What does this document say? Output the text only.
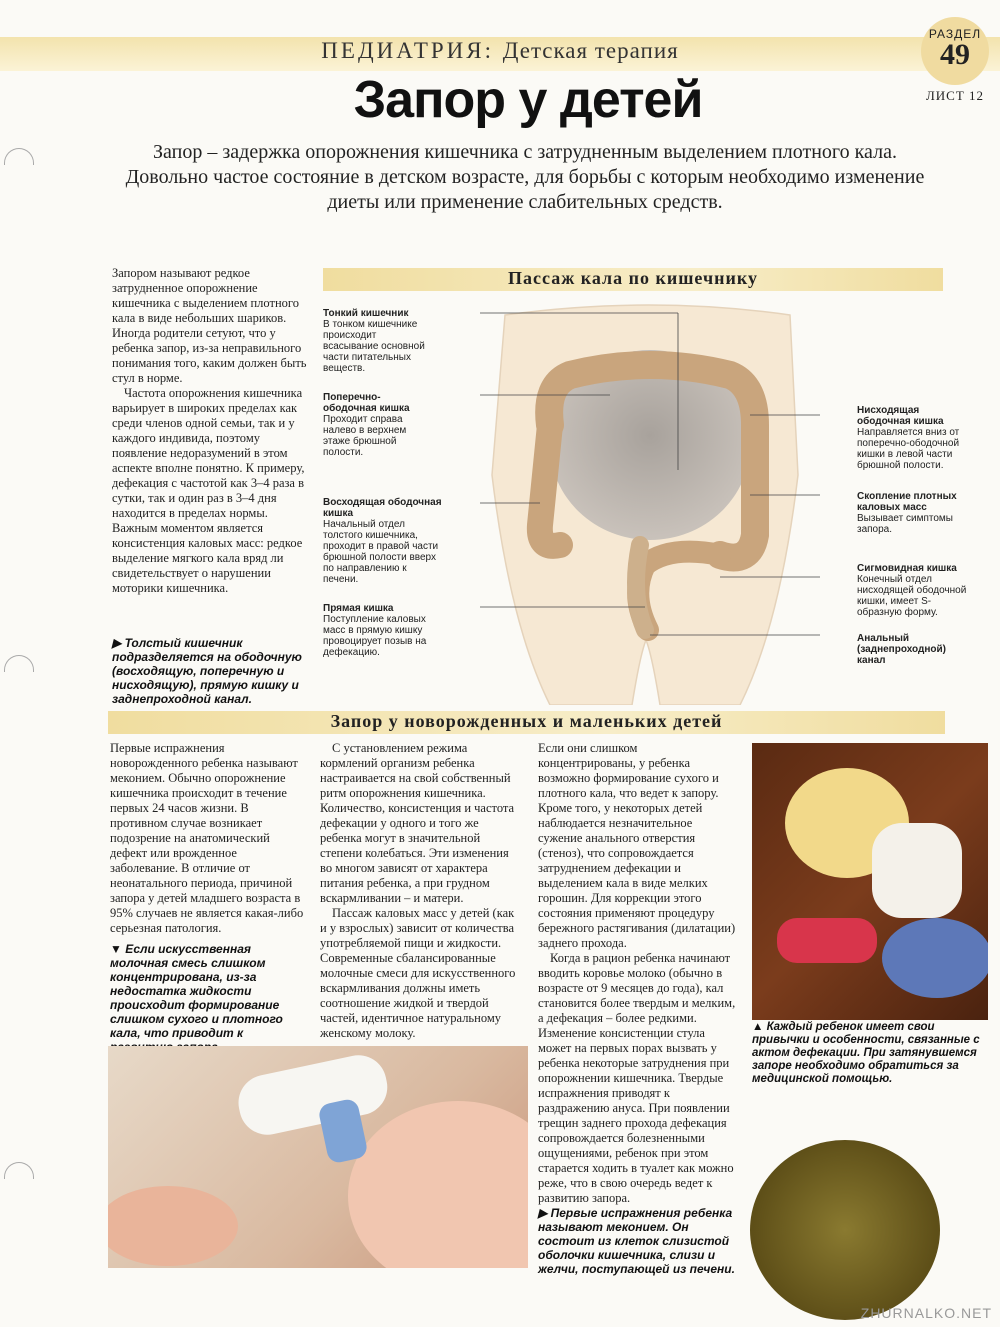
ПЕДИАТРИЯ: Детская терапия
РАЗДЕЛ
49
ЛИСТ 12
Запор у детей
Запор – задержка опорожнения кишечника с затрудненным выделением плотного кала. Довольно частое состояние в детском возрасте, для борьбы с которым необходимо изменение диеты или применение слабительных средств.

Запором называют редкое затрудненное опорожнение кишечника с выделением плотного кала в виде небольших шариков. Иногда родители сетуют, что у ребенка запор, из-за неправильного понимания того, каким должен быть стул в норме.

Частота опорожнения кишечника варьирует в широких пределах как среди членов одной семьи, так и у каждого индивида, поэтому появление недоразумений в этом аспекте вполне понятно. К примеру, дефекация с частотой как 3–4 раза в сутки, так и один раз в 3–4 дня находится в пределах нормы. Важным моментом является консистенция каловых масс: редкое выделение мягкого кала вряд ли свидетельствует о нарушении моторики кишечника.

▶ Толстый кишечник подразделяется на ободочную (восходящую, поперечную и нисходящую), прямую кишку и заднепроходной канал.
Пассаж кала по кишечнику
Тонкий кишечник
В тонком кишечнике происходит всасывание основной части питательных веществ.
Поперечно-ободочная кишка
Проходит справа налево в верхнем этаже брюшной полости.
Восходящая ободочная кишка
Начальный отдел толстого кишечника, проходит в правой части брюшной полости вверх по направлению к печени.
Прямая кишка
Поступление каловых масс в прямую кишку провоцирует позыв на дефекацию.
Нисходящая ободочная кишка
Направляется вниз от поперечно-ободочной кишки в левой части брюшной полости.
Скопление плотных каловых масс
Вызывает симптомы запора.
Сигмовидная кишка
Конечный отдел нисходящей ободочной кишки, имеет S-образную форму.
Анальный (заднепроходной) канал
Запор у новорожденных и маленьких детей

Первые испражнения новорожденного ребенка называют меконием. Обычно опорожнение кишечника происходит в течение первых 24 часов жизни. В противном случае возникает подозрение на анатомический дефект или врожденное заболевание. В отличие от неонатального периода, причиной запора у детей младшего возраста в 95% случаев не является какая-либо серьезная патология.

▼ Если искусственная молочная смесь слишком концентрирована, из-за недостатка жидкости происходит формирование слишком сухого и плотного кала, что приводит к

С установлением режима кормлений организм ребенка настраивается на свой собственный ритм опорожнения кишечника. Количество, консистенция и частота дефекации у одного и того же ребенка могут в значительной степени колебаться. Эти изменения во многом зависят от характера питания ребенка, а при грудном вскармливании – и матери.

Пассаж каловых масс у детей (как и у взрослых) зависит от количества употребляемой пищи и жидкости. Современные сбалансированные молочные смеси для искусственного вскармливания должны иметь соотношение жидкой и твердой частей, идентичное натуральному женскому молоку.

Если они слишком концентрированы, у ребенка возможно формирование сухого и плотного кала, что ведет к запору. Кроме того, у некоторых детей наблюдается незначительное сужение анального отверстия (стеноз), что сопровождается затруднением дефекации и выделением кала в виде мелких горошин. Для коррекции этого состояния применяют процедуру бережного растягивания (дилатации) заднего прохода.

Когда в рацион ребенка начинают вводить коровье молоко (обычно в возрасте от 9 месяцев до года), кал становится более твердым и мелким, а дефекация – более редкими. Изменение консистенции стула может на первых порах вызвать у ребенка некоторые затруднения при опорожнении кишечника. Твердые испражнения приводят к раздражению ануса. При появлении трещин заднего прохода дефекация сопровождается болезненными ощущениями, ребенок при этом старается ходить в туалет как можно реже, что в свою очередь ведет к развитию запора.

▶ Первые испражнения ребенка называют меконием. Он состоит из клеток слизистой оболочки кишечника, слизи и желчи, поступающей из печени.
▲ Каждый ребенок имеет свои привычки и особенности, связанные с актом дефекации. При затянувшемся запоре необходимо обратиться за медицинской помощью.
ZHURNALKO.NET
